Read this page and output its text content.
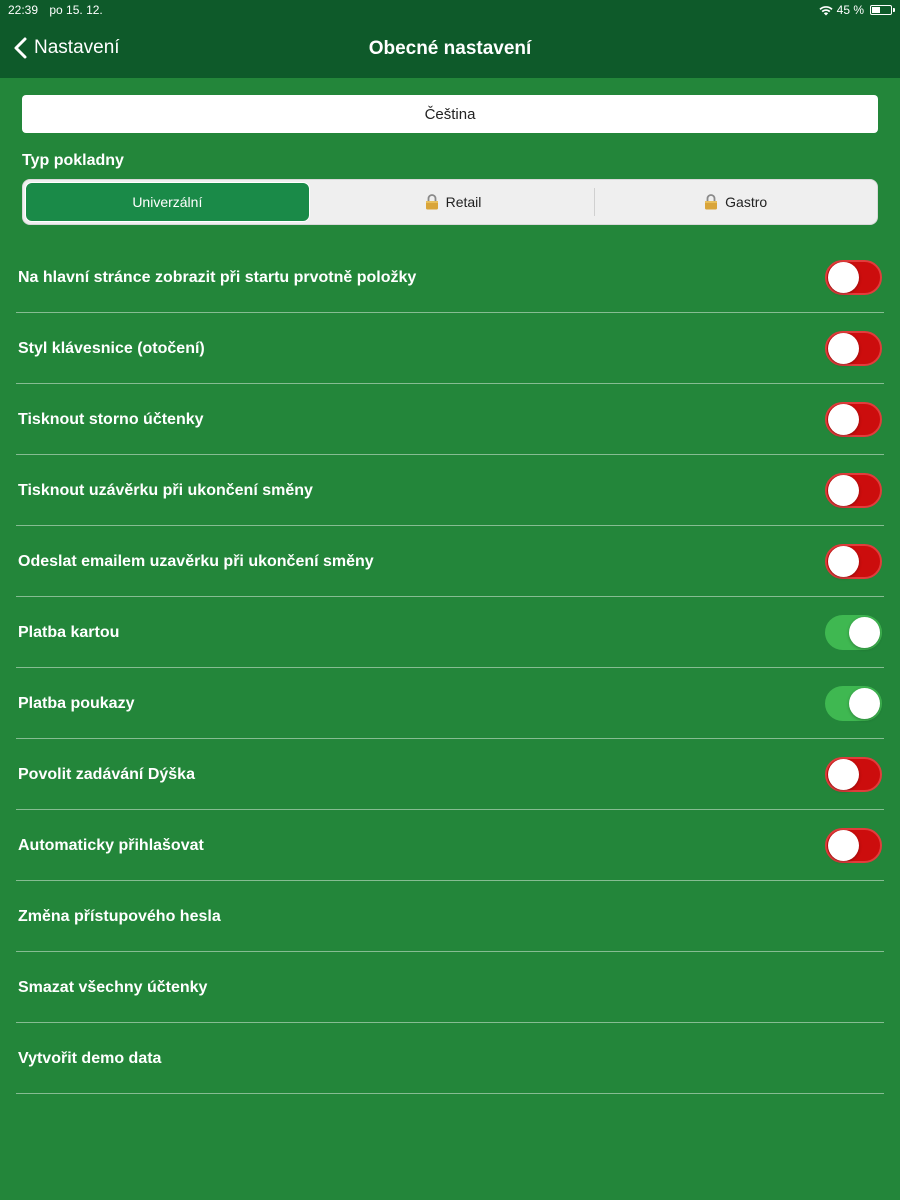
22:39 po 15. 12.	45 %
Nastavení	Obecné nastavení
Čeština
Typ pokladny
Univerzální	Retail	Gastro
Na hlavní stránce zobrazit při startu prvotně položky
Styl klávesnice (otočení)
Tisknout storno účtenky
Tisknout uzávěrku při ukončení směny
Odeslat emailem uzavěrku při ukončení směny
Platba kartou
Platba poukazy
Povolit zadávání Dýška
Automaticky přihlašovat
Změna přístupového hesla
Smazat všechny účtenky
Vytvořit demo data
